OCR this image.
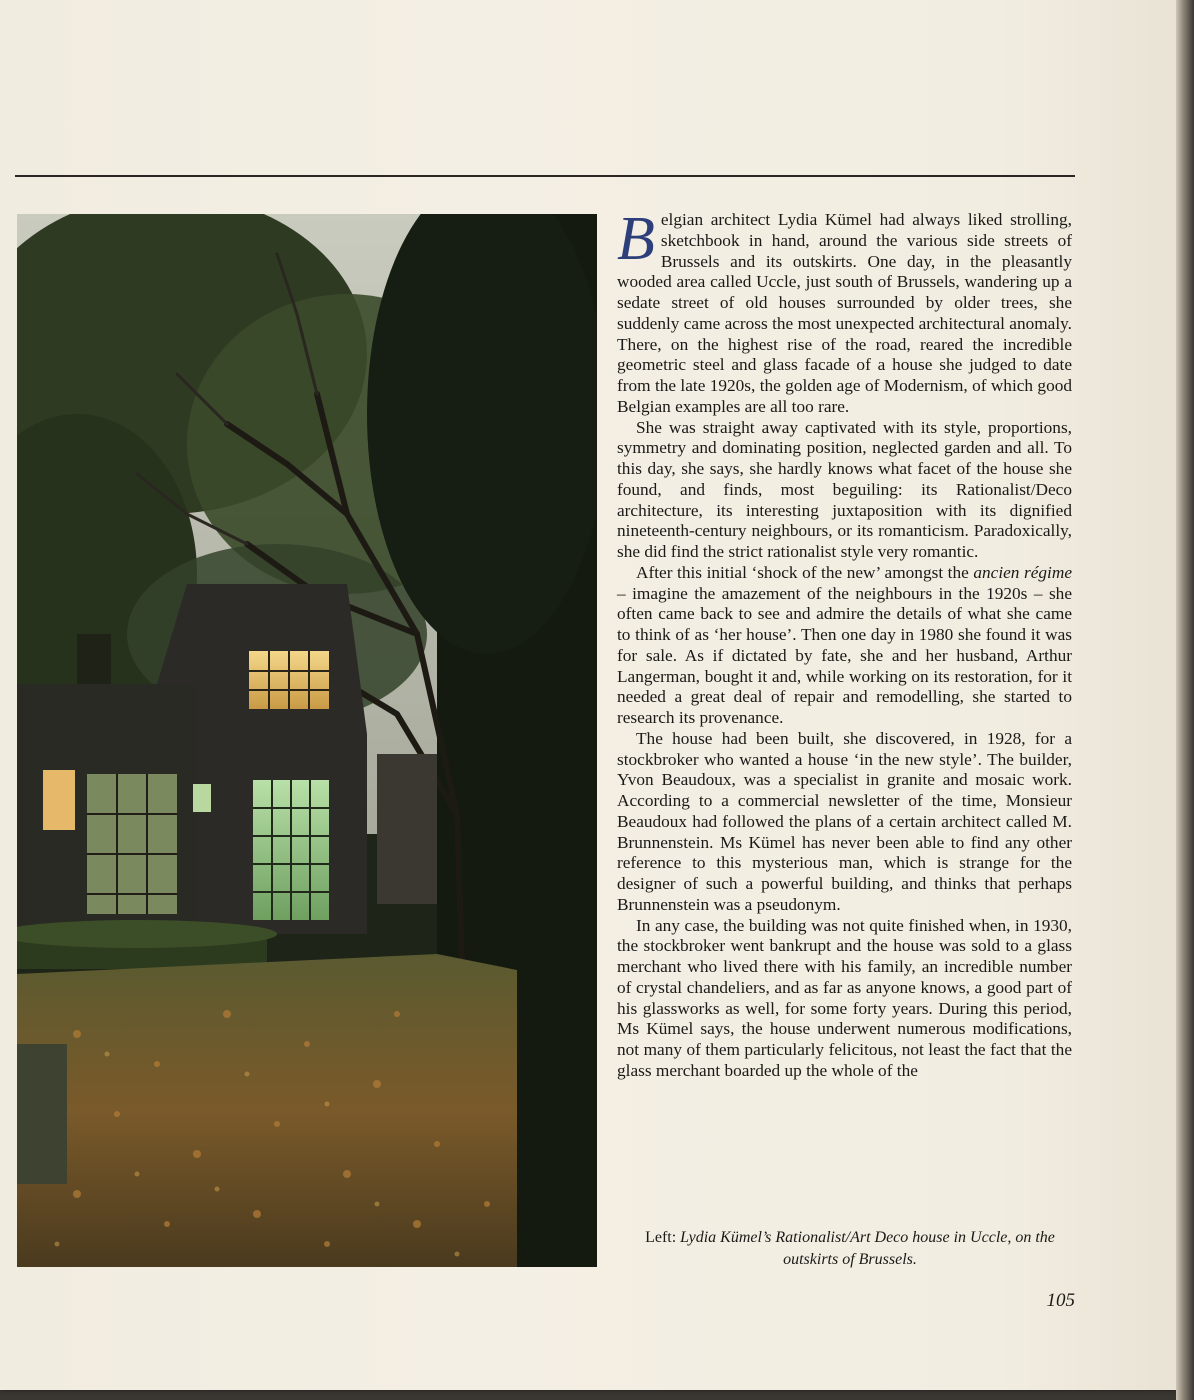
Belgian architect Lydia Kümel had always liked strolling, sketchbook in hand, around the various side streets of Brussels and its outskirts. One day, in the pleasantly wooded area called Uccle, just south of Brussels, wandering up a sedate street of old houses surrounded by older trees, she suddenly came across the most unexpected architectural anomaly. There, on the highest rise of the road, reared the incredible geometric steel and glass facade of a house she judged to date from the late 1920s, the golden age of Modernism, of which good Belgian examples are all too rare.

She was straight away captivated with its style, proportions, symmetry and dominating position, neglected garden and all. To this day, she says, she hardly knows what facet of the house she found, and finds, most beguiling: its Rationalist/Deco architecture, its interesting juxtaposition with its dignified nineteenth-century neighbours, or its romanticism. Paradoxically, she did find the strict rationalist style very romantic.

After this initial ‘shock of the new’ amongst the ancien régime – imagine the amazement of the neighbours in the 1920s – she often came back to see and admire the details of what she came to think of as ‘her house’. Then one day in 1980 she found it was for sale. As if dictated by fate, she and her husband, Arthur Langerman, bought it and, while working on its restoration, for it needed a great deal of repair and remodelling, she started to research its provenance.

The house had been built, she discovered, in 1928, for a stockbroker who wanted a house ‘in the new style’. The builder, Yvon Beaudoux, was a specialist in granite and mosaic work. According to a commercial newsletter of the time, Monsieur Beaudoux had followed the plans of a certain architect called M. Brunnenstein. Ms Kümel has never been able to find any other reference to this mysterious man, which is strange for the designer of such a powerful building, and thinks that perhaps Brunnenstein was a pseudonym.

In any case, the building was not quite finished when, in 1930, the stockbroker went bankrupt and the house was sold to a glass merchant who lived there with his family, an incredible number of crystal chandeliers, and as far as anyone knows, a good part of his glassworks as well, for some forty years. During this period, Ms Kümel says, the house underwent numerous modifications, not many of them particularly felicitous, not least the fact that the glass merchant boarded up the whole of the

Left: Lydia Kümel’s Rationalist/Art Deco house in Uccle, on the outskirts of Brussels.
105
